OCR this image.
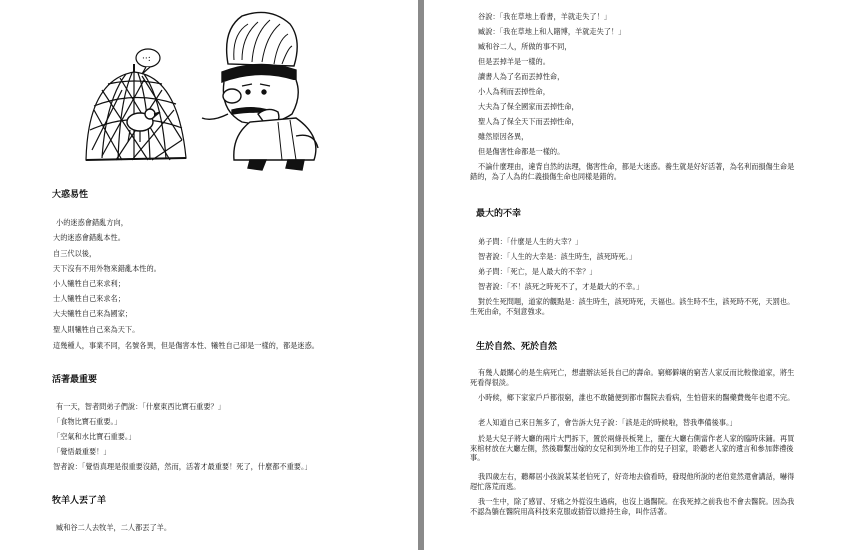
··:
大惑易性
小的迷惑會錯亂方向，
大的迷惑會錯亂本性。
自三代以後，
天下沒有不用外物來錯亂本性的。
小人犧牲自己來求利；
士人犧牲自己來求名；
大夫犧牲自己來為國家；
聖人則犧牲自己來為天下。
這幾種人，事業不同，名號各異，但是傷害本性、犧牲自己卻是一樣的，都是迷惑。
活著最重要
有一天，智者問弟子們說：「什麼東西比寶石重要？」
「食物比寶石重要。」
「空氣和水比寶石重要。」
「覺悟最重要！」
智者說：「覺悟真理是很重要沒錯，然而，活著才最重要！死了，什麼都不重要。」
牧羊人丟了羊
臧和谷二人去牧羊，二人都丟了羊。
谷說：「我在草地上看書，羊就走失了！」
臧說：「我在草地上和人賭博，羊就走失了！」
臧和谷二人，所做的事不同，
但是丟掉羊是一樣的。
讀書人為了名而丟掉性命，
小人為利而丟掉性命，
大夫為了保全國家而丟掉性命，
聖人為了保全天下而丟掉性命，
雖然原因各異，
但是傷害性命都是一樣的。
不論什麼理由，違背自然的法理，傷害性命，都是大迷惑。養生就是好好活著，為名利而損傷生命是錯的，為了人為的仁義損傷生命也同樣是錯的。
最大的不幸
弟子問：「什麼是人生的大幸？」
智者說：「人生的大幸是：該生時生，該死時死。」
弟子問：「死亡，是人最大的不幸？」
智者說：「不！該死之時死不了，才是最大的不幸。」
對於生死問題，道家的觀點是：該生時生，該死時死，天福也。該生時不生，該死時不死，天罰也。生死由命，不刻意強求。
生於自然、死於自然
有幾人最關心的是生病死亡，想盡辦法延長自己的壽命。窮鄉僻壤的窮苦人家反而比較像道家，將生死看得很淡。
小時候，鄉下家家戶戶都很窮，誰也不敢隨便到都市醫院去看病，生怕借來的醫藥費幾年也還不完。
老人知道自己來日無多了，會告訴大兒子說：「該是走的時候啦，替我準備後事。」
於是大兒子將大廳的兩片大門拆下，置於兩條長板凳上，擺在大廳右側當作老人家的臨時床鋪。再買來棺材放在大廳左側，然後聯繫出嫁的女兒和到外地工作的兒子回家，聆聽老人家的遺言和參加葬禮後事。
我四歲左右，聽鄰居小孩說某某老伯死了，好奇地去偷看時，發現他所說的老伯竟然還會講話，嚇得趕忙落荒而逃。
我一生中，除了感冒、牙痛之外從沒生過病，也沒上過醫院。在我死掉之前我也不會去醫院。因為我不認為躺在醫院用高科技來克服或插管以維持生命，叫作活著。
